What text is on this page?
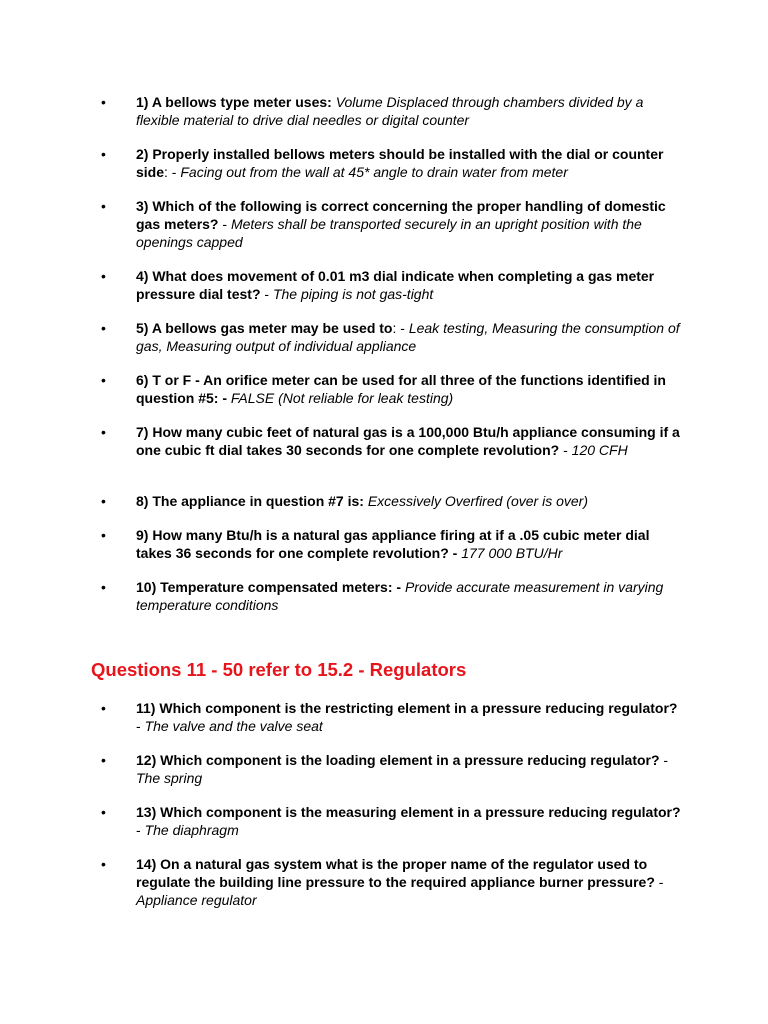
• 1) A bellows type meter uses: Volume Displaced through chambers divided by a flexible material to drive dial needles or digital counter
• 2) Properly installed bellows meters should be installed with the dial or counter side: - Facing out from the wall at 45* angle to drain water from meter
• 3) Which of the following is correct concerning the proper handling of domestic gas meters? - Meters shall be transported securely in an upright position with the openings capped
• 4) What does movement of 0.01 m3 dial indicate when completing a gas meter pressure dial test? - The piping is not gas-tight
• 5) A bellows gas meter may be used to: - Leak testing, Measuring the consumption of gas, Measuring output of individual appliance
• 6) T or F - An orifice meter can be used for all three of the functions identified in question #5: - FALSE (Not reliable for leak testing)
• 7) How many cubic feet of natural gas is a 100,000 Btu/h appliance consuming if a one cubic ft dial takes 30 seconds for one complete revolution? - 120 CFH
• 8) The appliance in question #7 is: Excessively Overfired (over is over)
• 9) How many Btu/h is a natural gas appliance firing at if a .05 cubic meter dial takes 36 seconds for one complete revolution? - 177 000 BTU/Hr
• 10) Temperature compensated meters: - Provide accurate measurement in varying temperature conditions
Questions 11 - 50 refer to 15.2 - Regulators
• 11) Which component is the restricting element in a pressure reducing regulator? - The valve and the valve seat
• 12) Which component is the loading element in a pressure reducing regulator? - The spring
• 13) Which component is the measuring element in a pressure reducing regulator? - The diaphragm
• 14) On a natural gas system what is the proper name of the regulator used to regulate the building line pressure to the required appliance burner pressure? - Appliance regulator
